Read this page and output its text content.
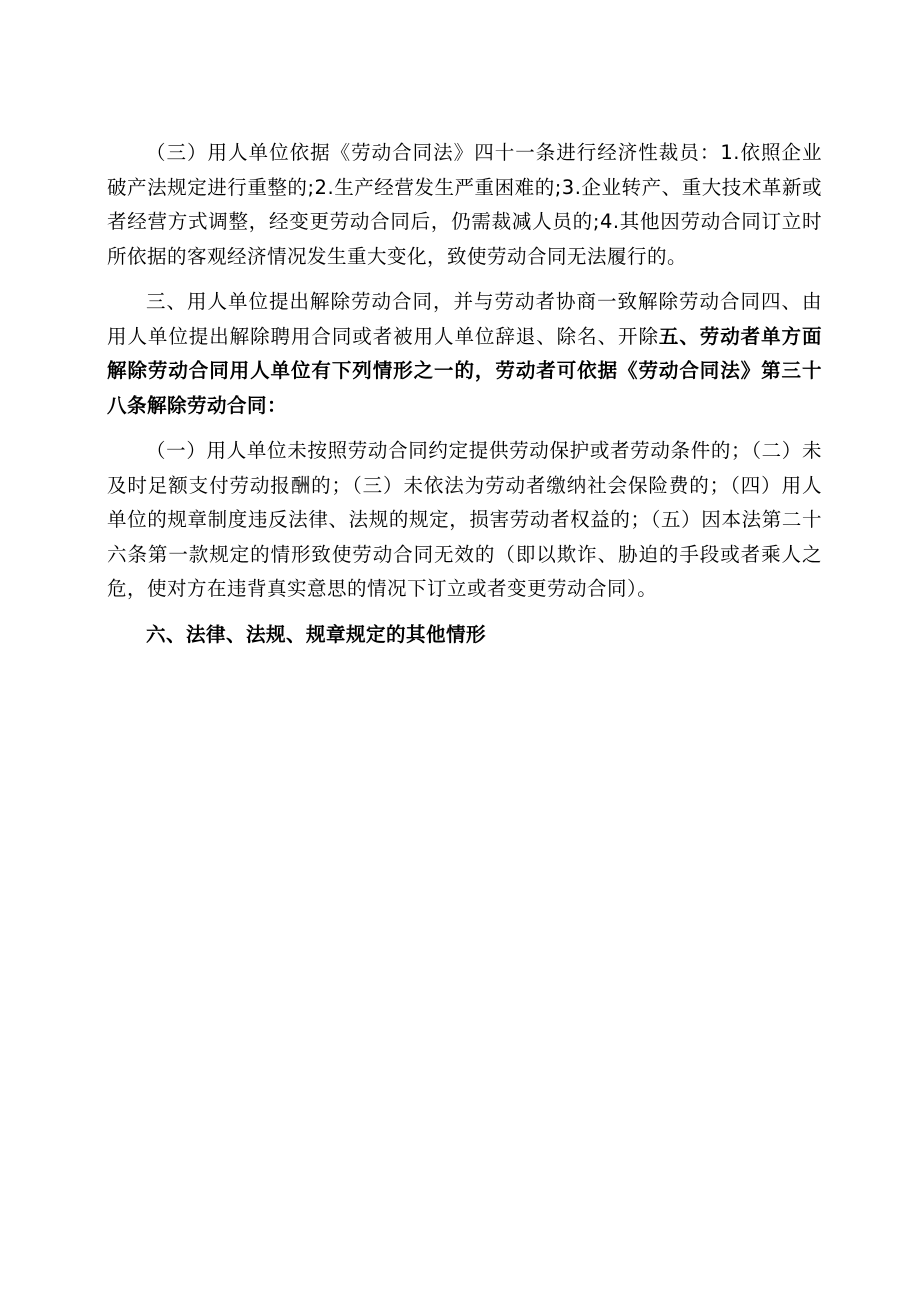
（三）用人单位依据《劳动合同法》四十一条进行经济性裁员：1.依照企业破产法规定进行重整的;2.生产经营发生严重困难的;3.企业转产、重大技术革新或者经营方式调整，经变更劳动合同后，仍需裁减人员的;4.其他因劳动合同订立时所依据的客观经济情况发生重大变化，致使劳动合同无法履行的。

三、用人单位提出解除劳动合同，并与劳动者协商一致解除劳动合同四、由用人单位提出解除聘用合同或者被用人单位辞退、除名、开除五、劳动者单方面解除劳动合同用人单位有下列情形之一的，劳动者可依据《劳动合同法》第三十八条解除劳动合同：

（一）用人单位未按照劳动合同约定提供劳动保护或者劳动条件的；（二）未及时足额支付劳动报酬的；（三）未依法为劳动者缴纳社会保险费的；（四）用人单位的规章制度违反法律、法规的规定，损害劳动者权益的；（五）因本法第二十六条第一款规定的情形致使劳动合同无效的（即以欺诈、胁迫的手段或者乘人之危，使对方在违背真实意思的情况下订立或者变更劳动合同）。

六、法律、法规、规章规定的其他情形
